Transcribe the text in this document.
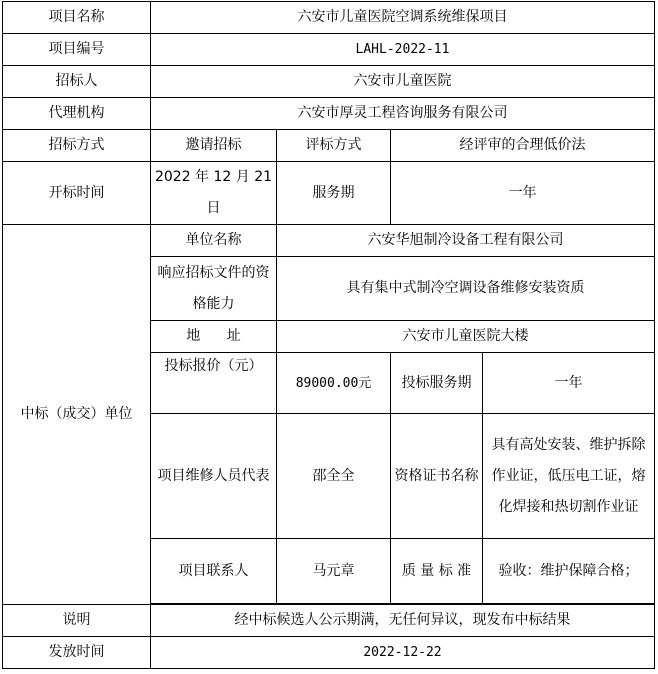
项目名称	六安市儿童医院空调系统维保项目			
项目编号	LAHL-2022-11			
招标人	六安市儿童医院			
代理机构	六安市厚灵工程咨询服务有限公司			
招标方式	邀请招标	评标方式	经评审的合理低价法	
开标时间	2022 年 12 月 21 日	服务期	一年	
中标（成交）单位	单位名称	六安华旭制冷设备工程有限公司		
	响应招标文件的资格能力	具有集中式制冷空调设备维修安装资质		
	地 址	六安市儿童医院大楼		
	投标报价（元）	89000.00元	投标服务期	一年
	项目维修人员代表	邵全全	资格证书名称	具有高处安装、维护拆除作业证，低压电工证，熔化焊接和热切割作业证
	项目联系人	马元章	质 量 标 准	验收：维护保障合格；

说明	经中标候选人公示期满，无任何异议，现发布中标结果			
发放时间	2022-12-22			
